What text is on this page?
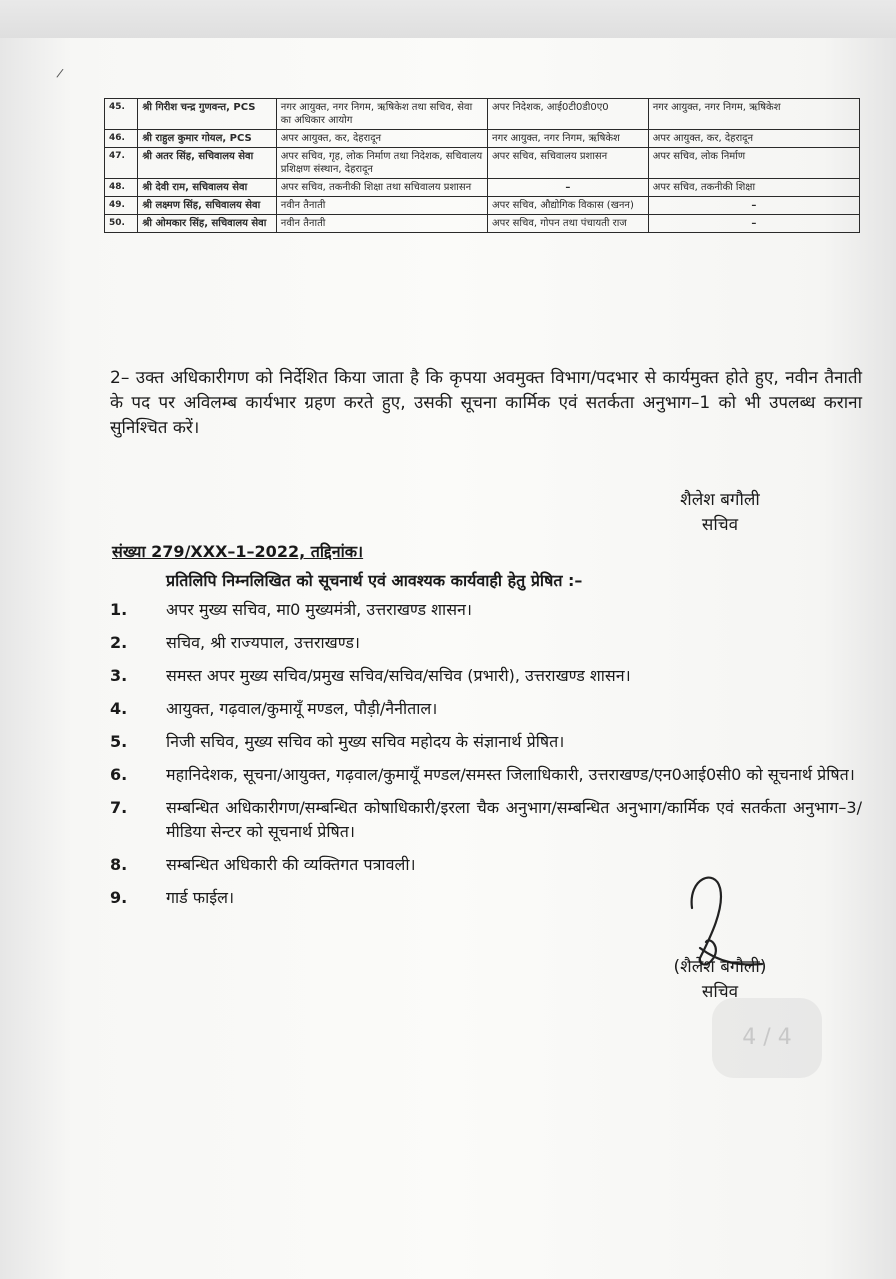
/
45.	श्री गिरीश चन्द्र गुणवन्त, PCS	नगर आयुक्त, नगर निगम, ऋषिकेश तथा सचिव, सेवा का अधिकार आयोग	अपर निदेशक, आई0टी0डी0ए0	नगर आयुक्त, नगर निगम, ऋषिकेश
46.	श्री राहुल कुमार गोयल, PCS	अपर आयुक्त, कर, देहरादून	नगर आयुक्त, नगर निगम, ऋषिकेश	अपर आयुक्त, कर, देहरादून
47.	श्री अतर सिंह, सचिवालय सेवा	अपर सचिव, गृह, लोक निर्माण तथा निदेशक, सचिवालय प्रशिक्षण संस्थान, देहरादून	अपर सचिव, सचिवालय प्रशासन	अपर सचिव, लोक निर्माण
48.	श्री देवी राम, सचिवालय सेवा	अपर सचिव, तकनीकी शिक्षा तथा सचिवालय प्रशासन	–	अपर सचिव, तकनीकी शिक्षा
49.	श्री लक्ष्मण सिंह, सचिवालय सेवा	नवीन तैनाती	अपर सचिव, औद्योगिक विकास (खनन)	–
50.	श्री ओमकार सिंह, सचिवालय सेवा	नवीन तैनाती	अपर सचिव, गोपन तथा पंचायती राज	–
2– उक्त अधिकारीगण को निर्देशित किया जाता है कि कृपया अवमुक्त विभाग/पदभार से कार्यमुक्त होते हुए, नवीन तैनाती के पद पर अविलम्ब कार्यभार ग्रहण करते हुए, उसकी सूचना कार्मिक एवं सतर्कता अनुभाग–1 को भी उपलब्ध कराना सुनिश्चित करें।
शैलेश बगौली
सचिव
संख्या 279/XXX–1–2022, तद्दिनांक।
प्रतिलिपि निम्नलिखित को सूचनार्थ एवं आवश्यक कार्यवाही हेतु प्रेषित :–
1.	अपर मुख्य सचिव, मा0 मुख्यमंत्री, उत्तराखण्ड शासन।
2.	सचिव, श्री राज्यपाल, उत्तराखण्ड।
3.	समस्त अपर मुख्य सचिव/प्रमुख सचिव/सचिव/सचिव (प्रभारी), उत्तराखण्ड शासन।
4.	आयुक्त, गढ़वाल/कुमायूँ मण्डल, पौड़ी/नैनीताल।
5.	निजी सचिव, मुख्य सचिव को मुख्य सचिव महोदय के संज्ञानार्थ प्रेषित।
6.	महानिदेशक, सूचना/आयुक्त, गढ़वाल/कुमायूँ मण्डल/समस्त जिलाधिकारी, उत्तराखण्ड/एन0आई0सी0 को सूचनार्थ प्रेषित।
7.	सम्बन्धित अधिकारीगण/सम्बन्धित कोषाधिकारी/इरला चैक अनुभाग/सम्बन्धित अनुभाग/कार्मिक एवं सतर्कता अनुभाग–3/मीडिया सेन्टर को सूचनार्थ प्रेषित।
8.	सम्बन्धित अधिकारी की व्यक्तिगत पत्रावली।
9.	गार्ड फाईल।
(शैलेश बगौली)
सचिव
4 / 4
